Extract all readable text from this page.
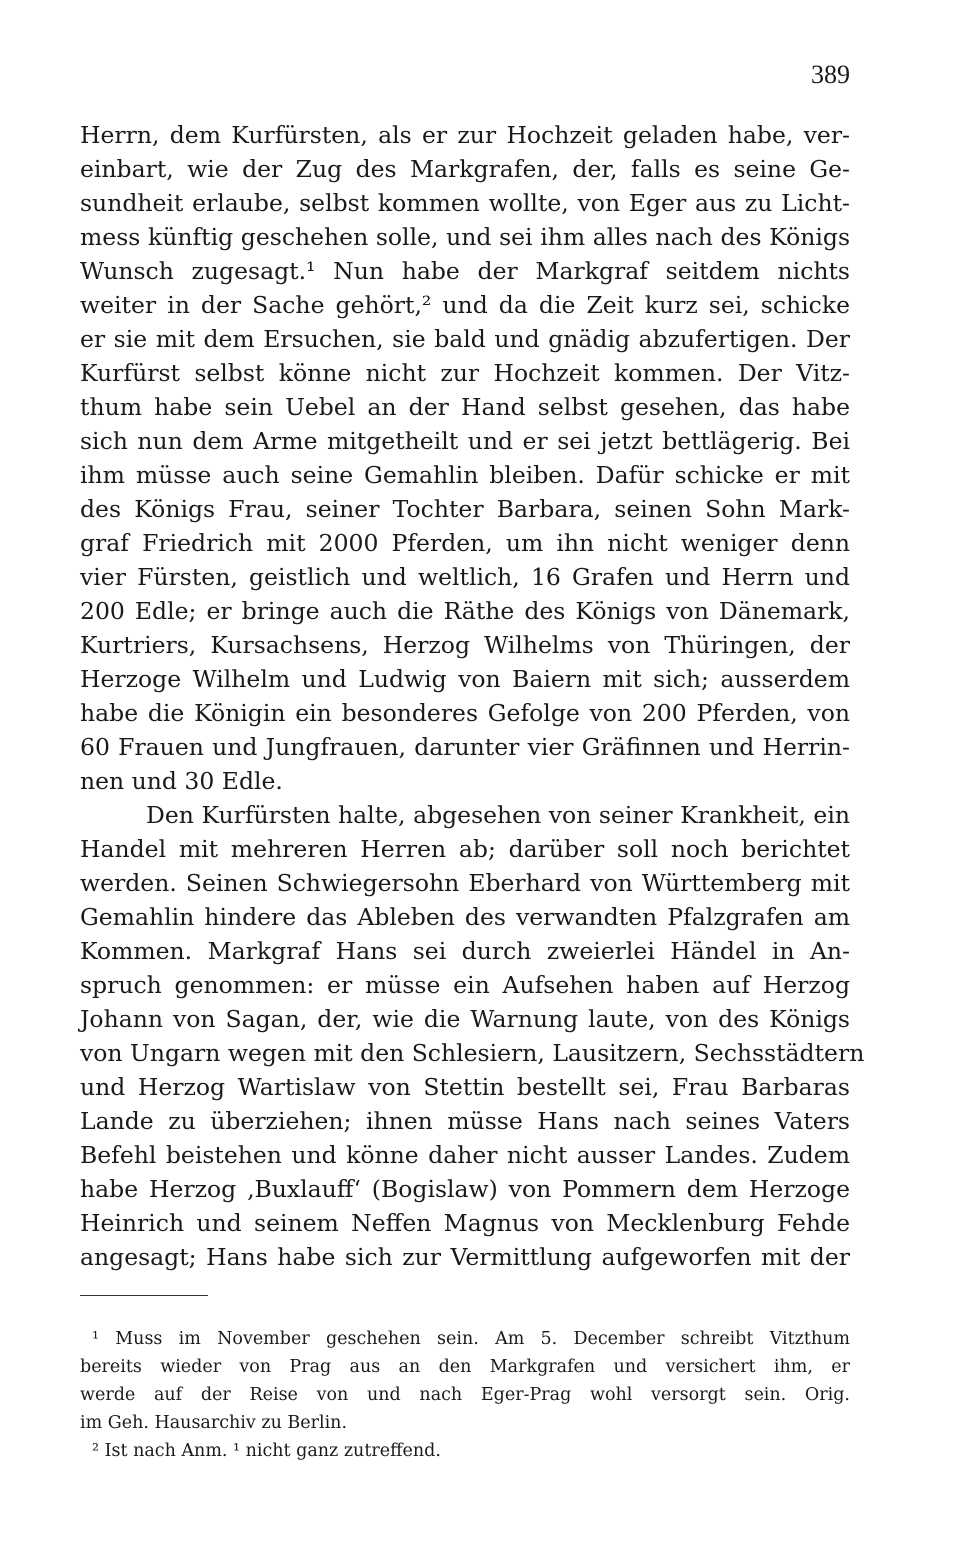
389
Herrn, dem Kurfürsten, als er zur Hochzeit geladen habe, ver-
einbart, wie der Zug des Markgrafen, der, falls es seine Ge-
sundheit erlaube, selbst kommen wollte, von Eger aus zu Licht-
mess künftig geschehen solle, und sei ihm alles nach des Königs
Wunsch zugesagt.¹ Nun habe der Markgraf seitdem nichts
weiter in der Sache gehört,² und da die Zeit kurz sei, schicke
er sie mit dem Ersuchen, sie bald und gnädig abzufertigen. Der
Kurfürst selbst könne nicht zur Hochzeit kommen. Der Vitz-
thum habe sein Uebel an der Hand selbst gesehen, das habe
sich nun dem Arme mitgetheilt und er sei jetzt bettlägerig. Bei
ihm müsse auch seine Gemahlin bleiben. Dafür schicke er mit
des Königs Frau, seiner Tochter Barbara, seinen Sohn Mark-
graf Friedrich mit 2000 Pferden, um ihn nicht weniger denn
vier Fürsten, geistlich und weltlich, 16 Grafen und Herrn und
200 Edle; er bringe auch die Räthe des Königs von Dänemark,
Kurtriers, Kursachsens, Herzog Wilhelms von Thüringen, der
Herzoge Wilhelm und Ludwig von Baiern mit sich; ausserdem
habe die Königin ein besonderes Gefolge von 200 Pferden, von
60 Frauen und Jungfrauen, darunter vier Gräfinnen und Herrin-
nen und 30 Edle.
Den Kurfürsten halte, abgesehen von seiner Krankheit, ein
Handel mit mehreren Herren ab; darüber soll noch berichtet
werden. Seinen Schwiegersohn Eberhard von Württemberg mit
Gemahlin hindere das Ableben des verwandten Pfalzgrafen am
Kommen. Markgraf Hans sei durch zweierlei Händel in An-
spruch genommen: er müsse ein Aufsehen haben auf Herzog
Johann von Sagan, der, wie die Warnung laute, von des Königs
von Ungarn wegen mit den Schlesiern, Lausitzern, Sechsstädtern
und Herzog Wartislaw von Stettin bestellt sei, Frau Barbaras
Lande zu überziehen; ihnen müsse Hans nach seines Vaters
Befehl beistehen und könne daher nicht ausser Landes. Zudem
habe Herzog ‚Buxlauff‘ (Bogislaw) von Pommern dem Herzoge
Heinrich und seinem Neffen Magnus von Mecklenburg Fehde
angesagt; Hans habe sich zur Vermittlung aufgeworfen mit der
¹ Muss im November geschehen sein. Am 5. December schreibt Vitzthum
bereits wieder von Prag aus an den Markgrafen und versichert ihm, er
werde auf der Reise von und nach Eger-Prag wohl versorgt sein. Orig.
im Geh. Hausarchiv zu Berlin.
² Ist nach Anm. ¹ nicht ganz zutreffend.
